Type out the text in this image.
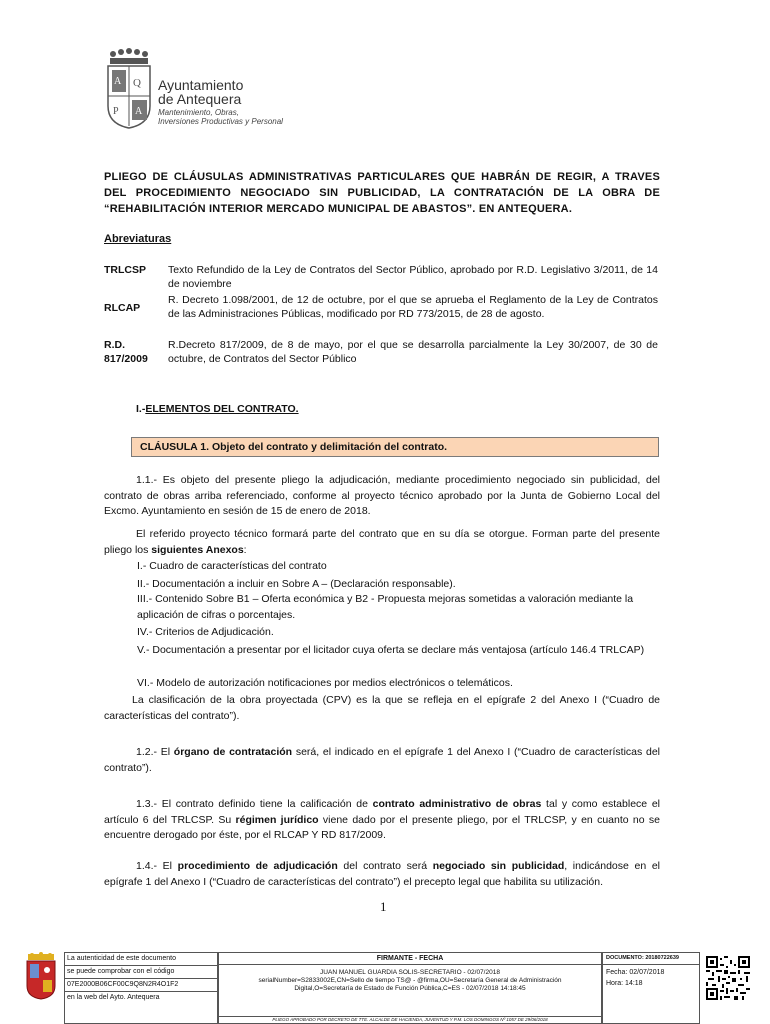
A Q
P A
Ayuntamiento
de Antequera
Mantenimiento, Obras,
Inversiones Productivas y Personal
PLIEGO DE CLÁUSULAS ADMINISTRATIVAS PARTICULARES QUE HABRÁN DE REGIR, A TRAVES DEL PROCEDIMIENTO NEGOCIADO SIN PUBLICIDAD, LA CONTRATACIÓN DE LA OBRA DE “REHABILITACIÓN INTERIOR MERCADO MUNICIPAL DE ABASTOS”. EN ANTEQUERA.
Abreviaturas
TRLCSP	Texto Refundido de la Ley de Contratos del Sector Público, aprobado por R.D. Legislativo 3/2011, de 14 de noviembre
RLCAP
R. Decreto 1.098/2001, de 12 de octubre, por el que se aprueba el Reglamento de la Ley de Contratos de las Administraciones Públicas, modificado por RD 773/2015, de 28 de agosto.
R.D. 817/2009
R.Decreto 817/2009, de 8 de mayo, por el que se desarrolla parcialmente la Ley 30/2007, de 30 de octubre, de Contratos del Sector Público
I.-ELEMENTOS DEL CONTRATO.
CLÁUSULA 1. Objeto del contrato y delimitación del contrato.
1.1.- Es objeto del presente pliego la adjudicación, mediante procedimiento negociado sin publicidad, del contrato de obras arriba referenciado, conforme al proyecto técnico aprobado por la Junta de Gobierno Local del Excmo. Ayuntamiento en sesión de 15 de enero de 2018.
El referido proyecto técnico formará parte del contrato que en su día se otorgue. Forman parte del presente pliego los siguientes Anexos:
I.- Cuadro de características del contrato
II.- Documentación a incluir en Sobre A – (Declaración responsable).
III.- Contenido Sobre B1 – Oferta económica y B2 - Propuesta mejoras sometidas a valoración mediante la aplicación de cifras o porcentajes.
IV.- Criterios de Adjudicación.
V.- Documentación a presentar por el licitador cuya oferta se declare más ventajosa (artículo 146.4 TRLCAP)
VI.- Modelo de autorización notificaciones por medios electrónicos o telemáticos.
La clasificación de la obra proyectada (CPV) es la que se refleja en el epígrafe 2 del Anexo I (“Cuadro de características del contrato”).
1.2.- El órgano de contratación será, el indicado en el epígrafe 1 del Anexo I (“Cuadro de características del contrato”).
1.3.- El contrato definido tiene la calificación de contrato administrativo de obras tal y como establece el artículo 6 del TRLCSP. Su régimen jurídico viene dado por el presente pliego, por el TRLCSP, y en cuanto no se encuentre derogado por éste, por el RLCAP Y RD 817/2009.
1.4.- El procedimiento de adjudicación del contrato será negociado sin publicidad, indicándose en el epígrafe 1 del Anexo I (“Cuadro de características del contrato”) el precepto legal que habilita su utilización.
1
La autenticidad de este documento
se puede comprobar con el código
07E2000B06CF00C9Q8N2R4O1F2
en la web del Ayto. Antequera
FIRMANTE - FECHA
JUAN MANUEL GUARDIA SOLIS-SECRETARIO - 02/07/2018
serialNumber=S2833002E,CN=Sello de tiempo TS@ - @firma,OU=Secretaría General de Administración
Digital,O=Secretaría de Estado de Función Pública,C=ES - 02/07/2018 14:18:45
PLIEGO APROBADO POR DECRETO DE TTE. ALCALDE DE HACIENDA, JUVENTUD Y P.M. LOS DOMINGOS Nº 1057 DE 29/06/2018
DOCUMENTO: 20180722639
Fecha: 02/07/2018
Hora: 14:18
